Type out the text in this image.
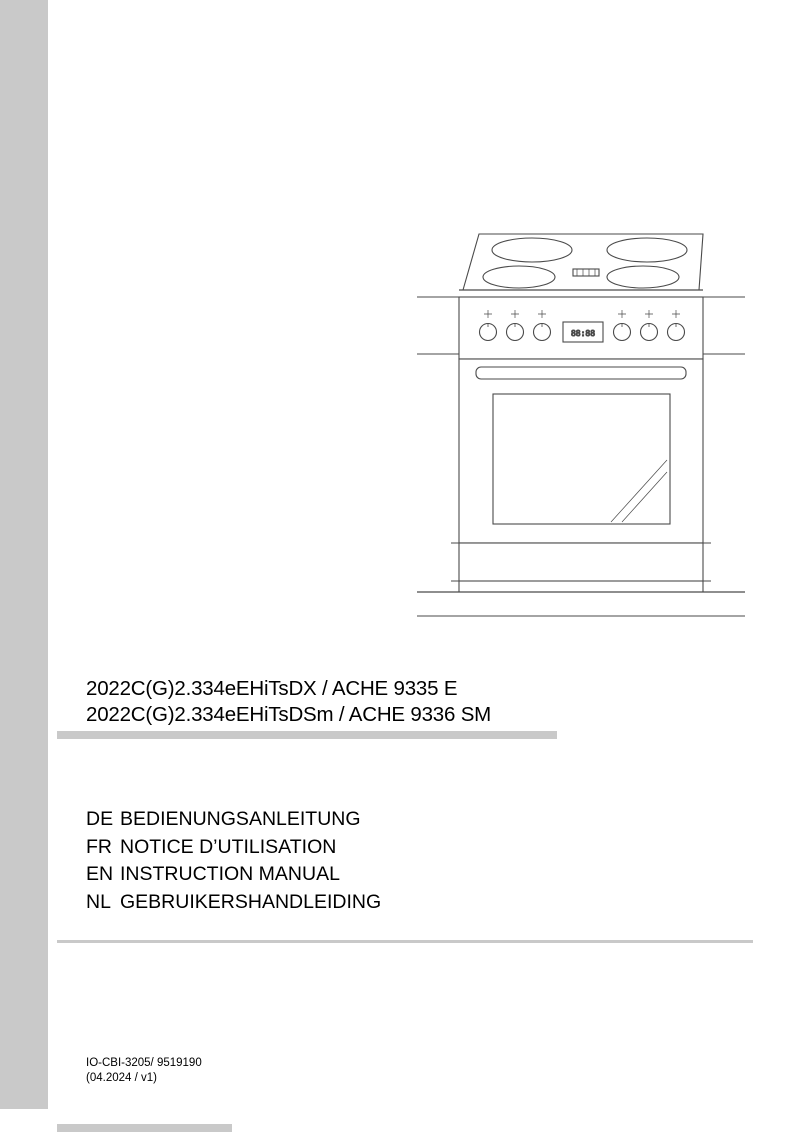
88:88
2022C(G)2.334eEHiTsDX / ACHE 9335 E
2022C(G)2.334eEHiTsDSm / ACHE 9336 SM
DE BEDIENUNGSANLEITUNG
FR NOTICE D’UTILISATION
EN INSTRUCTION MANUAL
NL GEBRUIKERSHANDLEIDING
IO-CBI-3205/ 9519190
(04.2024 / v1)
